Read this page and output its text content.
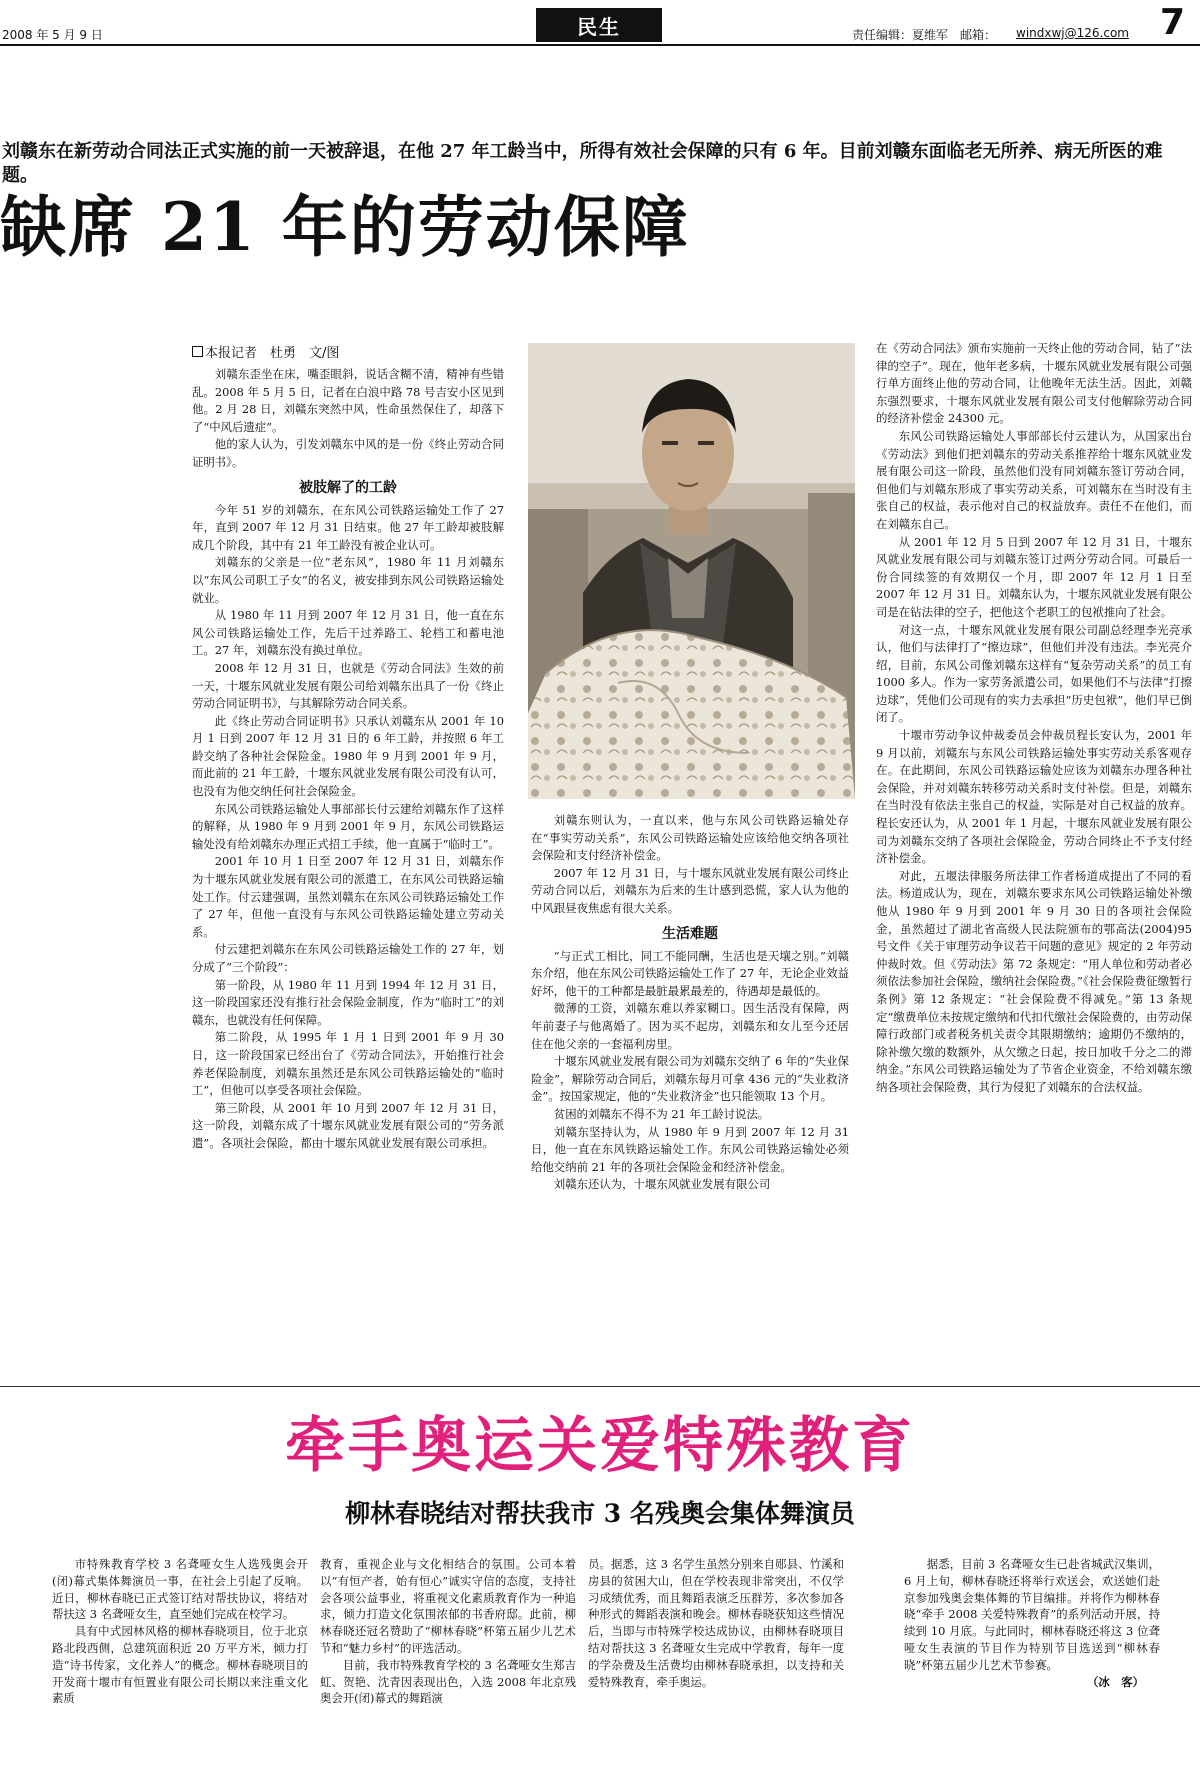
2008 年 5 月 9 日	民生	责任编辑：夏维军　邮箱： windxwj@126.com 7
刘赣东在新劳动合同法正式实施的前一天被辞退，在他 27 年工龄当中，所得有效社会保障的只有 6 年。目前刘赣东面临老无所养、病无所医的难题。
缺席 21 年的劳动保障
本报记者　杜勇　文/图

刘赣东歪坐在床，嘴歪眼斜，说话含糊不清，精神有些错乱。2008 年 5 月 5 日，记者在白浪中路 78 号吉安小区见到他。2 月 28 日，刘赣东突然中风，性命虽然保住了，却落下了“中风后遗症”。

他的家人认为，引发刘赣东中风的是一份《终止劳动合同证明书》。

被肢解了的工龄

今年 51 岁的刘赣东，在东风公司铁路运输处工作了 27 年，直到 2007 年 12 月 31 日结束。他 27 年工龄却被肢解成几个阶段，其中有 21 年工龄没有被企业认可。

刘赣东的父亲是一位“老东风”，1980 年 11 月刘赣东以“东风公司职工子女”的名义，被安排到东风公司铁路运输处就业。

从 1980 年 11 月到 2007 年 12 月 31 日，他一直在东风公司铁路运输处工作，先后干过养路工、轮档工和蓄电池工。27 年，刘赣东没有换过单位。

2008 年 12 月 31 日，也就是《劳动合同法》生效的前一天，十堰东风就业发展有限公司给刘赣东出具了一份《终止劳动合同证明书》，与其解除劳动合同关系。

此《终止劳动合同证明书》只承认刘赣东从 2001 年 10 月 1 日到 2007 年 12 月 31 日的 6 年工龄，并按照 6 年工龄交纳了各种社会保险金。1980 年 9 月到 2001 年 9 月，而此前的 21 年工龄，十堰东风就业发展有限公司没有认可，也没有为他交纳任何社会保险金。

东风公司铁路运输处人事部部长付云建给刘赣东作了这样的解释，从 1980 年 9 月到 2001 年 9 月，东风公司铁路运输处没有给刘赣东办理正式招工手续，他一直属于“临时工”。

2001 年 10 月 1 日至 2007 年 12 月 31 日，刘赣东作为十堰东风就业发展有限公司的派遣工，在东风公司铁路运输处工作。付云建强调，虽然刘赣东在东风公司铁路运输处工作了 27 年，但他一直没有与东风公司铁路运输处建立劳动关系。

付云建把刘赣东在东风公司铁路运输处工作的 27 年，划分成了“三个阶段”：

第一阶段，从 1980 年 11 月到 1994 年 12 月 31 日，这一阶段国家还没有推行社会保险金制度，作为“临时工”的刘赣东，也就没有任何保障。

第二阶段，从 1995 年 1 月 1 日到 2001 年 9 月 30 日，这一阶段国家已经出台了《劳动合同法》，开始推行社会养老保险制度，刘赣东虽然还是东风公司铁路运输处的“临时工”，但他可以享受各项社会保险。

第三阶段，从 2001 年 10 月到 2007 年 12 月 31 日，这一阶段，刘赣东成了十堰东风就业发展有限公司的“劳务派遣”。各项社会保险，都由十堰东风就业发展有限公司承担。

刘赣东则认为，一直以来，他与东风公司铁路运输处存在“事实劳动关系”，东风公司铁路运输处应该给他交纳各项社会保险和支付经济补偿金。

2007 年 12 月 31 日，与十堰东风就业发展有限公司终止劳动合同以后，刘赣东为后来的生计感到恐慌，家人认为他的中风跟昼夜焦虑有很大关系。

生活难题

“与正式工相比，同工不能同酬，生活也是天壤之别。”刘赣东介绍，他在东风公司铁路运输处工作了 27 年，无论企业效益好坏，他干的工种都是最脏最累最差的，待遇却是最低的。

微薄的工资，刘赣东难以养家糊口。因生活没有保障，两年前妻子与他离婚了。因为买不起房，刘赣东和女儿至今还居住在他父亲的一套福利房里。

十堰东风就业发展有限公司为刘赣东交纳了 6 年的“失业保险金”，解除劳动合同后，刘赣东每月可拿 436 元的“失业救济金”。按国家规定，他的“失业救济金”也只能领取 13 个月。

贫困的刘赣东不得不为 21 年工龄讨说法。

刘赣东坚持认为，从 1980 年 9 月到 2007 年 12 月 31 日，他一直在东风铁路运输处工作。东风公司铁路运输处必须给他交纳前 21 年的各项社会保险金和经济补偿金。

刘赣东还认为，十堰东风就业发展有限公司

在《劳动合同法》颁布实施前一天终止他的劳动合同，钻了“法律的空子”。现在，他年老多病，十堰东风就业发展有限公司强行单方面终止他的劳动合同，让他晚年无法生活。因此，刘赣东强烈要求，十堰东风就业发展有限公司支付他解除劳动合同的经济补偿金 24300 元。

东风公司铁路运输处人事部部长付云建认为，从国家出台《劳动法》到他们把刘赣东的劳动关系推荐给十堰东风就业发展有限公司这一阶段，虽然他们没有同刘赣东签订劳动合同，但他们与刘赣东形成了事实劳动关系，可刘赣东在当时没有主张自己的权益，表示他对自己的权益放弃。责任不在他们，而在刘赣东自己。

从 2001 年 12 月 5 日到 2007 年 12 月 31 日，十堰东风就业发展有限公司与刘赣东签订过两分劳动合同。可最后一份合同续签的有效期仅一个月，即 2007 年 12 月 1 日至 2007 年 12 月 31 日。刘赣东认为，十堰东风就业发展有限公司是在钻法律的空子，把他这个老职工的包袱推向了社会。

对这一点，十堰东风就业发展有限公司副总经理李光亮承认，他们与法律打了“擦边球”，但他们并没有违法。李光亮介绍，目前，东风公司像刘赣东这样有“复杂劳动关系”的员工有 1000 多人。作为一家劳务派遣公司，如果他们不与法律“打擦边球”，凭他们公司现有的实力去承担“历史包袱”，他们早已倒闭了。

十堰市劳动争议仲裁委员会仲裁员程长安认为，2001 年 9 月以前，刘赣东与东风公司铁路运输处事实劳动关系客观存在。在此期间，东风公司铁路运输处应该为刘赣东办理各种社会保险，并对刘赣东转移劳动关系时支付补偿。但是，刘赣东在当时没有依法主张自己的权益，实际是对自己权益的放弃。程长安还认为，从 2001 年 1 月起，十堰东风就业发展有限公司为刘赣东交纳了各项社会保险金，劳动合同终止不予支付经济补偿金。

对此，五堰法律服务所法律工作者杨道成提出了不同的看法。杨道成认为，现在，刘赣东要求东风公司铁路运输处补缴他从 1980 年 9 月到 2001 年 9 月 30 日的各项社会保险金，虽然超过了湖北省高级人民法院颁布的鄂高法(2004)95 号文件《关于审理劳动争议若干问题的意见》规定的 2 年劳动仲裁时效。但《劳动法》第 72 条规定：“用人单位和劳动者必须依法参加社会保险，缴纳社会保险费。”《社会保险费征缴暂行条例》第 12 条规定：“社会保险费不得减免。”第 13 条规定“缴费单位未按规定缴纳和代扣代缴社会保险费的，由劳动保障行政部门或者税务机关责令其限期缴纳；逾期仍不缴纳的，除补缴欠缴的数额外，从欠缴之日起，按日加收千分之二的滞纳金。”东风公司铁路运输处为了节省企业资金，不给刘赣东缴纳各项社会保险费，其行为侵犯了刘赣东的合法权益。

牵手奥运关爱特殊教育
柳林春晓结对帮扶我市 3 名残奥会集体舞演员

市特殊教育学校 3 名聋哑女生人选残奥会开(闭)幕式集体舞演员一事，在社会上引起了反响。近日，柳林春晓已正式签订结对帮扶协议，将结对帮扶这 3 名聋哑女生，直至她们完成在校学习。

具有中式园林风格的柳林春晓项目，位于北京路北段西侧，总建筑面积近 20 万平方米，倾力打造“诗书传家，文化养人”的概念。柳林春晓项目的开发商十堰市有恒置业有限公司长期以来注重文化素质

教育，重视企业与文化相结合的氛围。公司本着以“有恒产者，始有恒心”诚实守信的态度，支持社会各项公益事业，将重视文化素质教育作为一种追求，倾力打造文化氛围浓郁的书香府邸。此前，柳林春晓还冠名赞助了“柳林春晓”杯第五届少儿艺术节和“魅力乡村”的评选活动。

目前，我市特殊教育学校的 3 名聋哑女生郑吉虹、贺艳、沈青因表现出色，入选 2008 年北京残奥会开(闭)幕式的舞蹈演

员。据悉，这 3 名学生虽然分别来自郧县、竹溪和房县的贫困大山，但在学校表现非常突出，不仅学习成绩优秀，而且舞蹈表演乏压群芳，多次参加各种形式的舞蹈表演和晚会。柳林春晓获知这些情况后，当即与市特殊学校达成协议，由柳林春晓项目结对帮扶这 3 名聋哑女生完成中学教育，每年一度的学杂费及生活费均由柳林春晓承担，以支持和关爱特殊教育，牵手奥运。

据悉，目前 3 名聋哑女生已赴省城武汉集训，6 月上旬，柳林春晓还将举行欢送会，欢送她们赴京参加残奥会集体舞的节目编排。并将作为柳林春晓“牵手 2008 关爱特殊教育”的系列活动开展，持续到 10 月底。与此同时，柳林春晓还将这 3 位聋哑女生表演的节目作为特别节目选送到“柳林春晓”杯第五届少儿艺术节参赛。

（冰　客）
